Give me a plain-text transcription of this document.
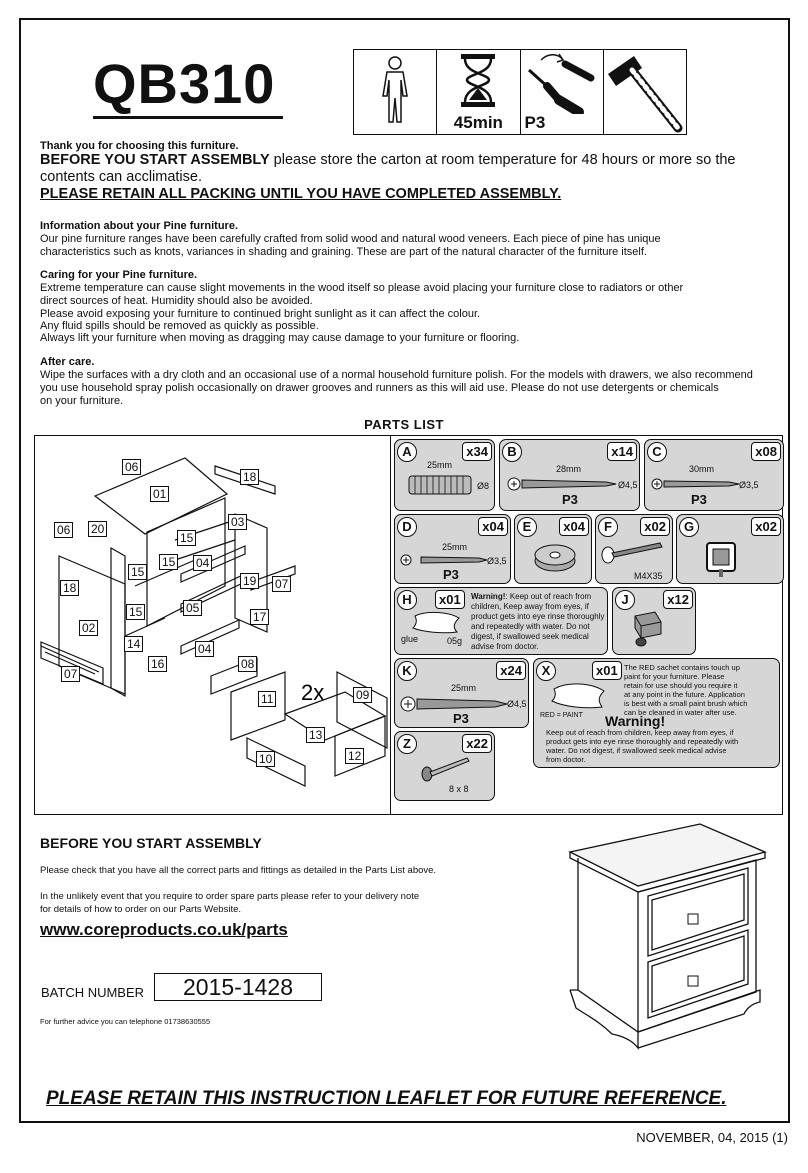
QB310
45min	P3
Thank you for choosing this furniture.
BEFORE YOU START ASSEMBLY please store the carton at room temperature for 48 hours or more so the
contents can acclimatise.
PLEASE RETAIN ALL PACKING UNTIL YOU HAVE COMPLETED ASSEMBLY.
Information about your Pine furniture.
Our pine furniture ranges have been carefully crafted from solid wood and natural wood veneers. Each piece of pine has unique
characteristics such as knots, variances in shading and graining. These are part of the natural character of the furniture itself.
Caring for your Pine furniture.
Extreme temperature can cause slight movements in the wood itself so please avoid placing your furniture close to radiators or other
direct sources of heat. Humidity should also be avoided.
Please avoid exposing your furniture to continued bright sunlight as it can affect the colour.
Any fluid spills should be removed as quickly as possible.
Always lift your furniture when moving as dragging may cause damage to your furniture or flooring.
After care.
Wipe the surfaces with a dry cloth and an occasional use of a normal household furniture polish. For the models with drawers, we also recommend
you use household spray polish occasionally on drawer grooves and runners as this will aid use. Please do not use detergents or chemicals
on your furniture.
PARTS LIST
2x
06
18
01
03
15
06 20
15 04
18
15
19 07
02
15	05
17
14	04
07
16	08
11	09
13
10	12
A	x34
25mm
Ø8
B	x14
28mm
Ø4,5
P3
C	x08
30mm
Ø3,5
P3
D	x04
25mm
Ø3,5
P3
E	x04	F	x02
M4X35
G	x02
H	x01
glue	05g
Warning!: Keep out of reach from
children, Keep away from eyes, if
product gets into eye rinse thoroughly
and repeatedly with water. Do not
digest, if swallowed seek medical
advise from doctor.
J	x12
K	x24
25mm
Ø4,5
P3
X	x01
RED = PAINT
The RED sachet contains touch up
paint for your furniture. Please
retain for use should you require it
at any point in the future. Application
is best with a small paint brush which
can be cleaned in water after use.
Warning!
Keep out of reach from children, keep away from eyes, if
product gets into eye rinse thoroughly and repeatedly with
water. Do not digest, if swallowed seek medical advise
from doctor.
Z	x22
8 x 8
BEFORE YOU START ASSEMBLY
Please check that you have all the correct parts and fittings as detailed in the Parts List above.
In the unlikely event that you require to order spare parts please refer to your delivery note
for details of how to order on our Parts Website.
www.coreproducts.co.uk/parts
BATCH NUMBER	2015-1428
For further advice you can telephone 01738630555
PLEASE RETAIN THIS INSTRUCTION LEAFLET FOR FUTURE REFERENCE.
NOVEMBER, 04, 2015 (1)
